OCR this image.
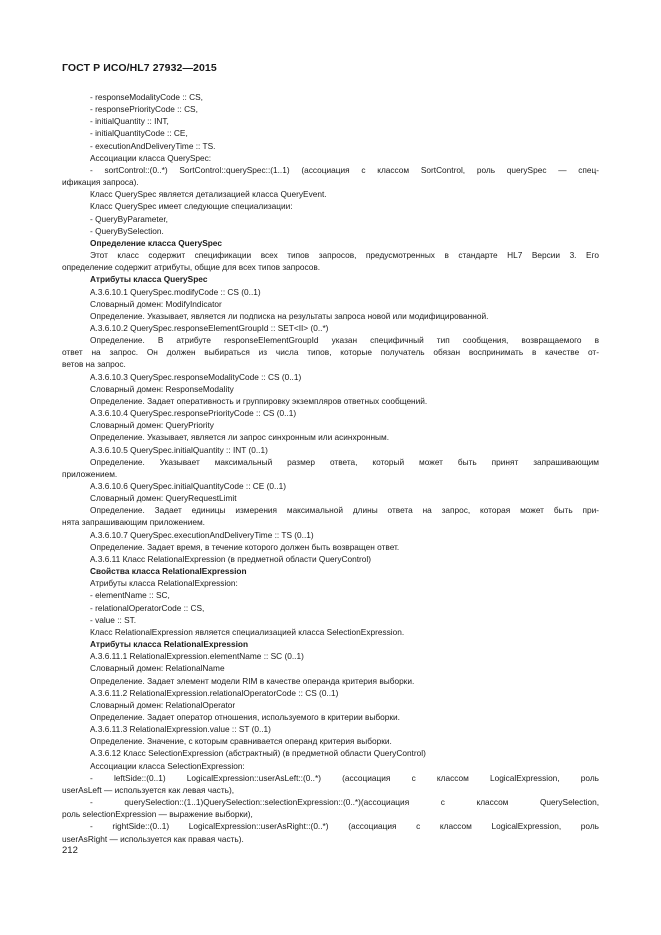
ГОСТ Р ИСО/HL7 27932—2015
- responseModalityCode :: CS,
- responsePriorityCode :: CS,
- initialQuantity :: INT,
- initialQuantityCode :: CE,
- executionAndDeliveryTime :: TS.
Ассоциации класса QuerySpec:
- sortControl::(0..*) SortControl::querySpec::(1..1) (ассоциация с классом SortControl, роль querySpec — спец-
ификация запроса).
Класс QuerySpec является детализацией класса QueryEvent.
Класс QuerySpec имеет следующие специализации:
- QueryByParameter,
- QueryBySelection.
Определение класса QuerySpec
Этот класс содержит спецификации всех типов запросов, предусмотренных в стандарте HL7 Версии 3. Его
определение содержит атрибуты, общие для всех типов запросов.
Атрибуты класса QuerySpec
A.3.6.10.1 QuerySpec.modifyCode :: CS (0..1)
Словарный домен: ModifyIndicator
Определение. Указывает, является ли подписка на результаты запроса новой или модифицированной.
A.3.6.10.2 QuerySpec.responseElementGroupId :: SET<II> (0..*)
Определение. В атрибуте responseElementGroupId указан специфичный тип сообщения, возвращаемого в
ответ на запрос. Он должен выбираться из числа типов, которые получатель обязан воспринимать в качестве от-
ветов на запрос.
A.3.6.10.3 QuerySpec.responseModalityCode :: CS (0..1)
Словарный домен: ResponseModality
Определение. Задает оперативность и группировку экземпляров ответных сообщений.
A.3.6.10.4 QuerySpec.responsePriorityCode :: CS (0..1)
Словарный домен: QueryPriority
Определение. Указывает, является ли запрос синхронным или асинхронным.
A.3.6.10.5 QuerySpec.initialQuantity :: INT (0..1)
Определение. Указывает максимальный размер ответа, который может быть принят запрашивающим
приложением.
A.3.6.10.6 QuerySpec.initialQuantityCode :: CE (0..1)
Словарный домен: QueryRequestLimit
Определение. Задает единицы измерения максимальной длины ответа на запрос, которая может быть при-
нята запрашивающим приложением.
A.3.6.10.7 QuerySpec.executionAndDeliveryTime :: TS (0..1)
Определение. Задает время, в течение которого должен быть возвращен ответ.
A.3.6.11 Класс RelationalExpression (в предметной области QueryControl)
Свойства класса RelationalExpression
Атрибуты класса RelationalExpression:
- elementName :: SC,
- relationalOperatorCode :: CS,
- value :: ST.
Класс RelationalExpression является специализацией класса SelectionExpression.
Атрибуты класса RelationalExpression
A.3.6.11.1 RelationalExpression.elementName :: SC (0..1)
Словарный домен: RelationalName
Определение. Задает элемент модели RIM в качестве операнда критерия выборки.
A.3.6.11.2 RelationalExpression.relationalOperatorCode :: CS (0..1)
Словарный домен: RelationalOperator
Определение. Задает оператор отношения, используемого в критерии выборки.
A.3.6.11.3 RelationalExpression.value :: ST (0..1)
Определение. Значение, с которым сравнивается операнд критерия выборки.
A.3.6.12 Класс SelectionExpression (абстрактный) (в предметной области QueryControl)
Ассоциации класса SelectionExpression:
- leftSide::(0..1) LogicalExpression::userAsLeft::(0..*) (ассоциация с классом LogicalExpression, роль
userAsLeft — используется как левая часть),
- querySelection::(1..1)QuerySelection::selectionExpression::(0..*)(ассоциация с классом QuerySelection,
роль selectionExpression — выражение выборки),
- rightSide::(0..1) LogicalExpression::userAsRight::(0..*) (ассоциация с классом LogicalExpression, роль
userAsRight — используется как правая часть).
212
